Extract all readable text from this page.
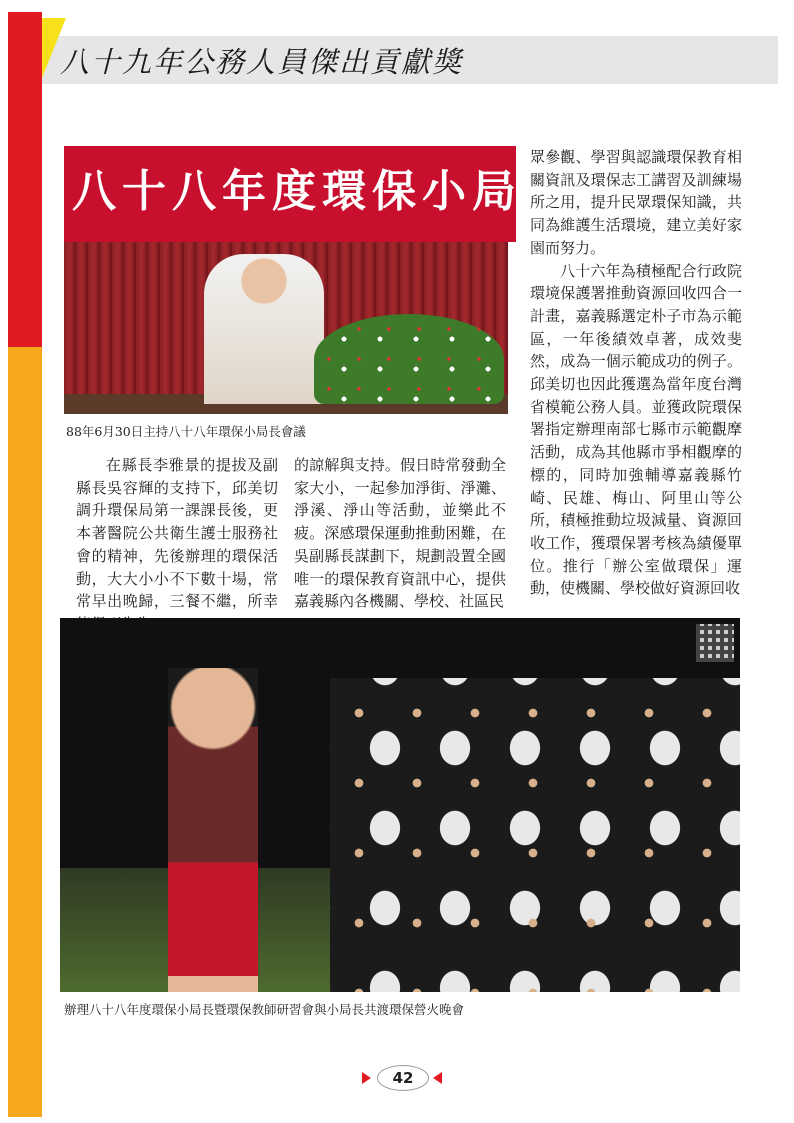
八十九年公務人員傑出貢獻獎
八十八年度環保小局長
88年6月30日主持八十八年環保小局長會議

在縣長李雅景的提拔及副縣長吳容輝的支持下，邱美切調升環保局第一課課長後，更本著醫院公共衛生護士服務社會的精神，先後辦理的環保活動，大大小小不下數十場，常常早出晚歸，三餐不繼，所幸

的諒解與支持。假日時常發動全家大小，一起參加淨街、淨灘、淨溪、淨山等活動，並樂此不疲。深感環保運動推動困難，在吳副縣長謀劃下，規劃設置全國唯一的環保教育資訊中心，提供嘉義縣內各機關、學校、社區民

眾參觀、學習與認識環保教育相關資訊及環保志工講習及訓練場所之用，提升民眾環保知識，共同為維護生活環境，建立美好家園而努力。

八十六年為積極配合行政院環境保護署推動資源回收四合一計畫，嘉義縣選定朴子市為示範區，一年後績效卓著，成效斐然，成為一個示範成功的例子。邱美切也因此獲選為當年度台灣省模範公務人員。並獲政院環保署指定辦理南部七縣市示範觀摩活動，成為其他縣市爭相觀摩的標的，同時加強輔導嘉義縣竹崎、民雄、梅山、阿里山等公所，積極推動垃圾減量、資源回收工作，獲環保署考核為績優單位。推行「辦公室做環保」運動，使機關、學校做好資源回收

辦理八十八年度環保小局長暨環保教師研習會與小局長共渡環保營火晚會
42
